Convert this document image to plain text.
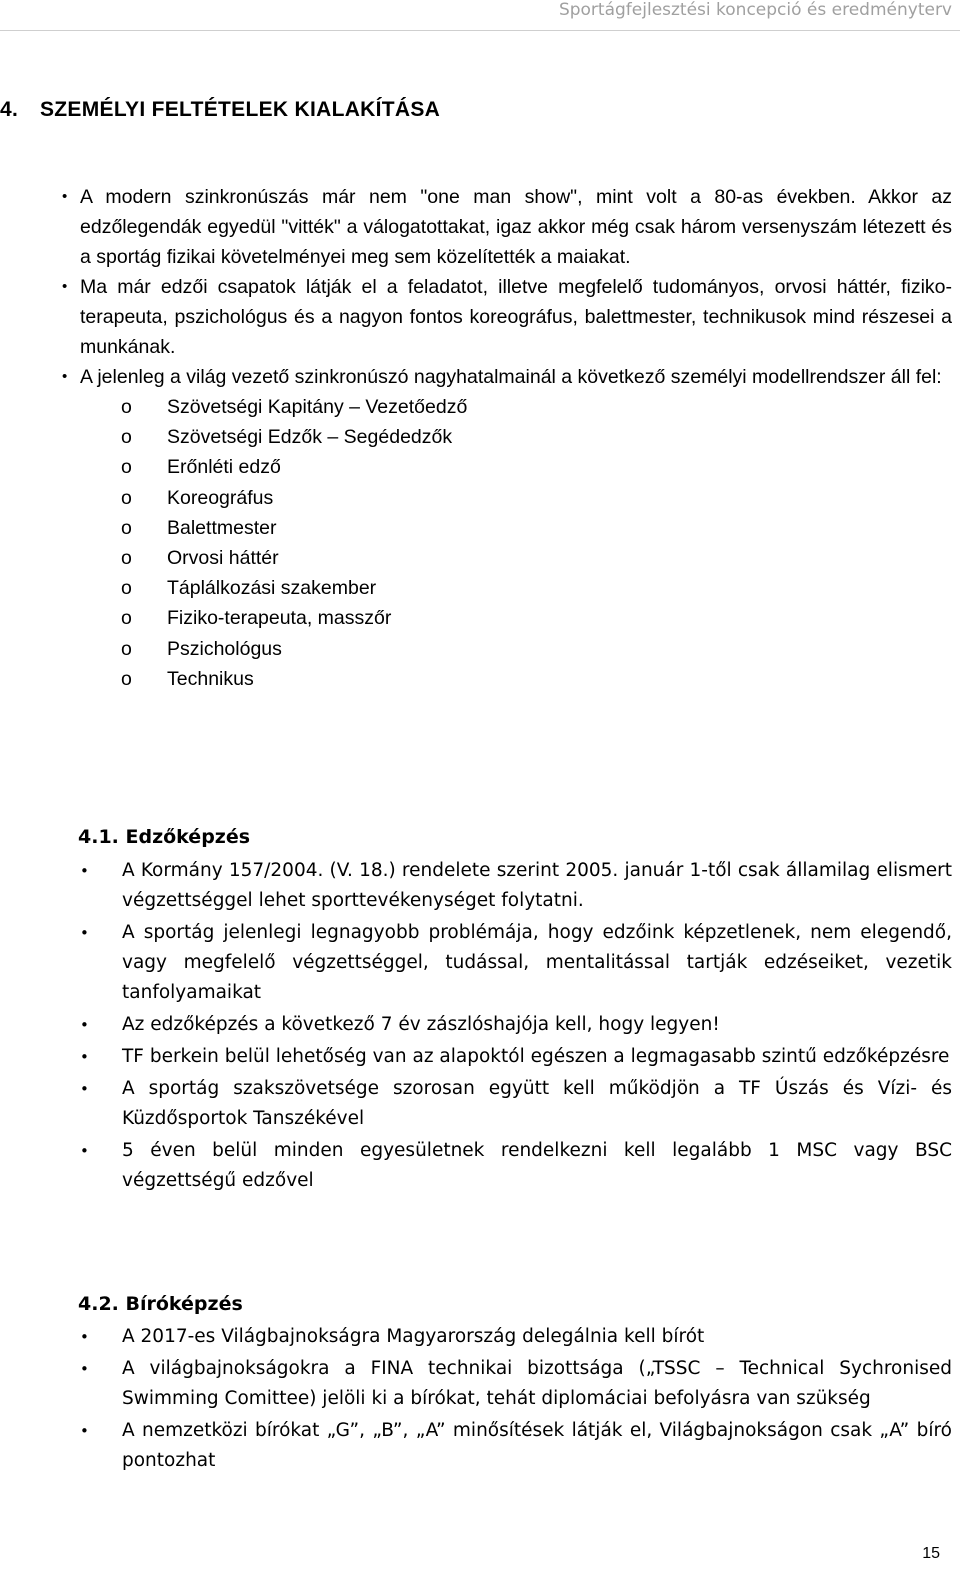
Sportágfejlesztési koncepció és eredményterv
4. SZEMÉLYI FELTÉTELEK KIALAKÍTÁSA
• A modern szinkronúszás már nem "one man show", mint volt a 80-as években. Akkor az edzőlegendák egyedül "vitték" a válogatottakat, igaz akkor még csak három versenyszám létezett és a sportág fizikai követelményei meg sem közelítették a maiakat.
• Ma már edzői csapatok látják el a feladatot, illetve megfelelő tudományos, orvosi háttér, fiziko-terapeuta, pszichológus és a nagyon fontos koreográfus, balettmester, technikusok mind részesei a munkának.
• A jelenleg a világ vezető szinkronúszó nagyhatalmainál a következő személyi modellrendszer áll fel:
o Szövetségi Kapitány – Vezetőedző
o Szövetségi Edzők – Segédedzők
o Erőnléti edző
o Koreográfus
o Balettmester
o Orvosi háttér
o Táplálkozási szakember
o Fiziko-terapeuta, masszőr
o Pszichológus
o Technikus
4.1. Edzőképzés
• A Kormány 157/2004. (V. 18.) rendelete szerint 2005. január 1-től csak államilag elismert végzettséggel lehet sporttevékenységet folytatni.
• A sportág jelenlegi legnagyobb problémája, hogy edzőink képzetlenek, nem elegendő, vagy megfelelő végzettséggel, tudással, mentalitással tartják edzéseiket, vezetik tanfolyamaikat
• Az edzőképzés a következő 7 év zászlóshajója kell, hogy legyen!
• TF berkein belül lehetőség van az alapoktól egészen a legmagasabb szintű edzőképzésre
• A sportág szakszövetsége szorosan együtt kell működjön a TF Úszás és Vízi- és Küzdősportok Tanszékével
• 5 éven belül minden egyesületnek rendelkezni kell legalább 1 MSC vagy BSC végzettségű edzővel
4.2. Bíróképzés
• A 2017-es Világbajnokságra Magyarország delegálnia kell bírót
• A világbajnokságokra a FINA technikai bizottsága („TSSC – Technical Sychronised Swimming Comittee) jelöli ki a bírókat, tehát diplomáciai befolyásra van szükség
• A nemzetközi bírókat „G”, „B”, „A” minősítések látják el, Világbajnokságon csak „A” bíró pontozhat
15
